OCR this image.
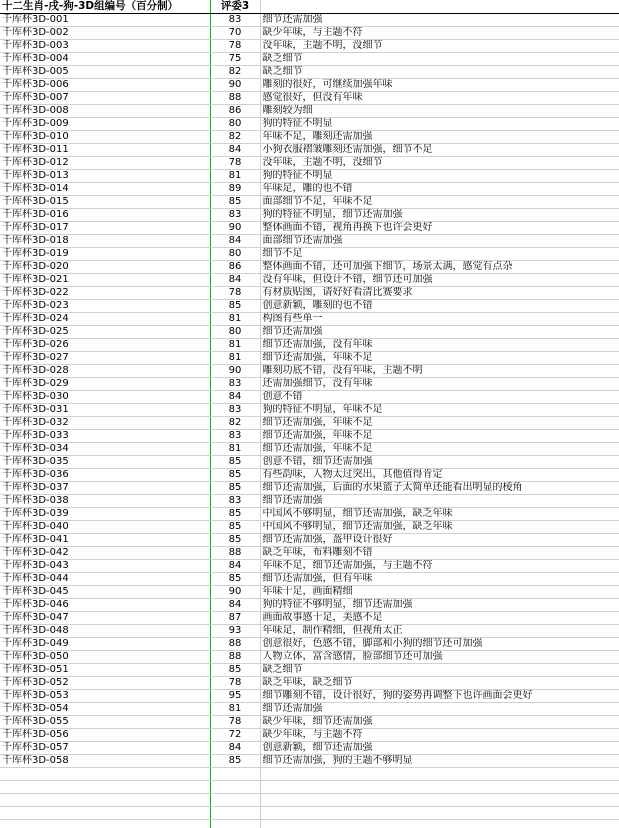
十二生肖-戌-狗-3D组编号（百分制）	评委3	
千库杯3D-001	83	细节还需加强
千库杯3D-002	70	缺少年味，与主题不符
千库杯3D-003	78	没年味，主题不明，没细节
千库杯3D-004	75	缺乏细节
千库杯3D-005	82	缺乏细节
千库杯3D-006	90	雕刻的很好，可继续加强年味
千库杯3D-007	88	感觉很好，但没有年味
千库杯3D-008	86	雕刻较为细
千库杯3D-009	80	狗的特征不明显
千库杯3D-010	82	年味不足，雕刻还需加强
千库杯3D-011	84	小狗衣服褶皱雕刻还需加强，细节不足
千库杯3D-012	78	没年味，主题不明，没细节
千库杯3D-013	81	狗的特征不明显
千库杯3D-014	89	年味足，雕的也不错
千库杯3D-015	85	面部细节不足，年味不足
千库杯3D-016	83	狗的特征不明显，细节还需加强
千库杯3D-017	90	整体画面不错，视角再换下也许会更好
千库杯3D-018	84	面部细节还需加强
千库杯3D-019	80	细节不足
千库杯3D-020	86	整体画面不错，还可加强下细节，场景太满，感觉有点杂
千库杯3D-021	84	没有年味，但设计不错，细节还可加强
千库杯3D-022	78	有材质贴图，请好好看清比赛要求
千库杯3D-023	85	创意新颖，雕刻的也不错
千库杯3D-024	81	构图有些单一
千库杯3D-025	80	细节还需加强
千库杯3D-026	81	细节还需加强，没有年味
千库杯3D-027	81	细节还需加强，年味不足
千库杯3D-028	90	雕刻功底不错，没有年味，主题不明
千库杯3D-029	83	还需加强细节，没有年味
千库杯3D-030	84	创意不错
千库杯3D-031	83	狗的特征不明显，年味不足
千库杯3D-032	82	细节还需加强，年味不足
千库杯3D-033	83	细节还需加强，年味不足
千库杯3D-034	81	细节还需加强，年味不足
千库杯3D-035	85	创意不错，细节还需加强
千库杯3D-036	85	有些韵味，人物太过突出，其他值得肯定
千库杯3D-037	85	细节还需加强，后面的水果篮子太简单还能看出明显的棱角
千库杯3D-038	83	细节还需加强
千库杯3D-039	85	中国风不够明显，细节还需加强，缺乏年味
千库杯3D-040	85	中国风不够明显，细节还需加强，缺乏年味
千库杯3D-041	85	细节还需加强，盔甲设计很好
千库杯3D-042	88	缺乏年味，布料雕刻不错
千库杯3D-043	84	年味不足，细节还需加强，与主题不符
千库杯3D-044	85	细节还需加强，但有年味
千库杯3D-045	90	年味十足，画面精细
千库杯3D-046	84	狗的特征不够明显，细节还需加强
千库杯3D-047	87	画面故事感十足，美感不足
千库杯3D-048	93	年味足，制作精细，但视角太正
千库杯3D-049	88	创意很好，色感不错，脚部和小狗的细节还可加强
千库杯3D-050	88	人物立体，富含感情，脸部细节还可加强
千库杯3D-051	85	缺乏细节
千库杯3D-052	78	缺乏年味，缺乏细节
千库杯3D-053	95	细节雕刻不错，设计很好，狗的姿势再调整下也许画面会更好
千库杯3D-054	81	细节还需加强
千库杯3D-055	78	缺少年味，细节还需加强
千库杯3D-056	72	缺少年味，与主题不符
千库杯3D-057	84	创意新颖，细节还需加强
千库杯3D-058	85	细节还需加强，狗的主题不够明显
